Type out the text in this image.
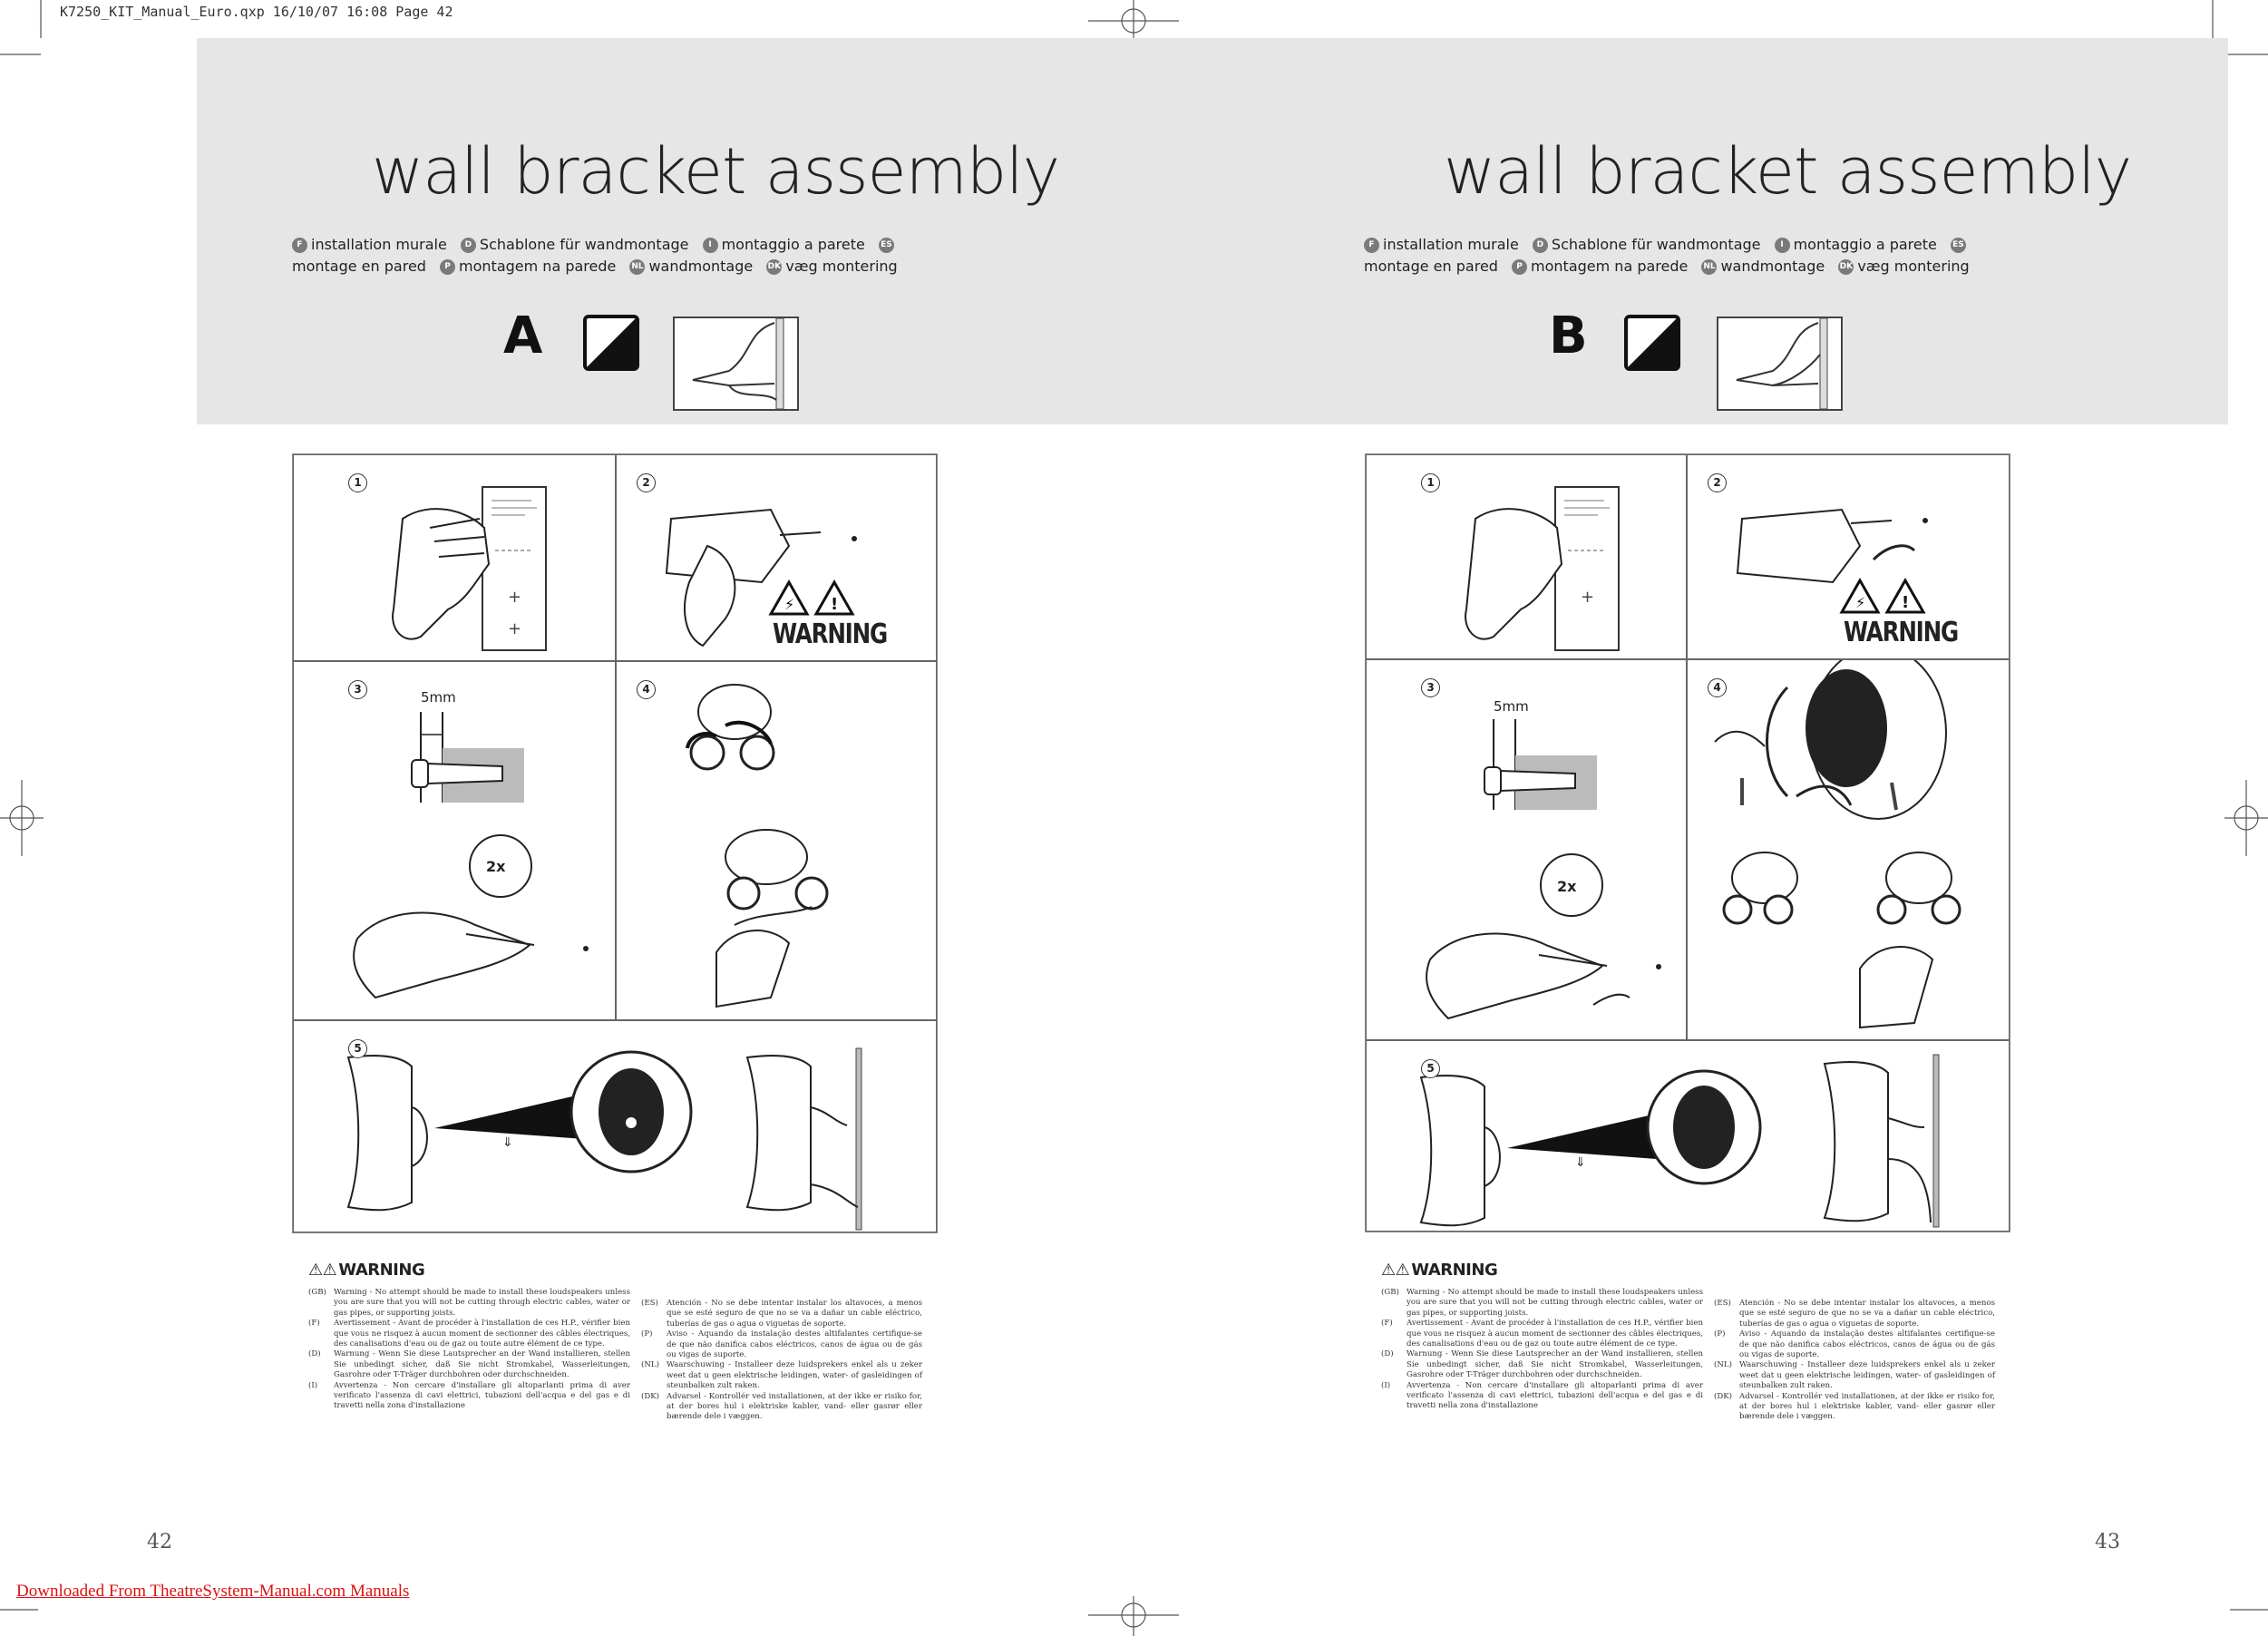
K7250_KIT_Manual_Euro.qxp 16/10/07 16:08 Page 42
wall bracket assembly
F installation murale D Schablone für wandmontage I montaggio a parete ESmontage en pared P montagem na parede NL wandmontage DK væg montering
A
wall bracket assembly
F installation murale D Schablone für wandmontage I montaggio a parete ESmontage en pared P montagem na parede NL wandmontage DK væg montering
B
1
+
+
2
⚡ !
WARNING
3	5mm
2x
4
5
⇓
1
+
2
⚡ !
WARNING
3
5mm
2x
4
5
⇓
⚠⚠ WARNING

(GB) Warning - No attempt should be made to install these loudspeakers unless you are sure that you will not be cutting through electric cables, water or gas pipes, or supporting joists.

(F) Avertissement - Avant de procéder à l'installation de ces H.P., vérifier bien que vous ne risquez à aucun moment de sectionner des câbles électriques, des canalisations d'eau ou de gaz ou toute autre élément de ce type.

(D) Warnung - Wenn Sie diese Lautsprecher an der Wand installieren, stellen Sie unbedingt sicher, daß Sie nicht Stromkabel, Wasserleitungen, Gasrohre oder T-Träger durchbohren oder durchschneiden.

(I) Avvertenza - Non cercare d'installare gli altoparlanti prima di aver verificato l'assenza di cavi elettrici, tubazioni dell'acqua e del gas e di travetti nella zona d'installazione

(ES) Atención - No se debe intentar instalar los altavoces, a menos que se esté seguro de que no se va a dañar un cable eléctrico, tuberías de gas o agua o viguetas de soporte.

(P) Aviso - Aquando da instalação destes altifalantes certifique-se de que não danifica cabos eléctricos, canos de água ou de gás ou vigas de suporte.

(NL) Waarschuwing - Installeer deze luidsprekers enkel als u zeker weet dat u geen elektrische leidingen, water- of gasleidingen of steunbalken zult raken.

(DK) Advarsel - Kontrollér ved installationen, at der ikke er risiko for, at der bores hul i elektriske kabler, vand- eller gasrør eller bærende dele i væggen.

⚠⚠ WARNING

(GB) Warning - No attempt should be made to install these loudspeakers unless you are sure that you will not be cutting through electric cables, water or gas pipes, or supporting joists.

(F) Avertissement - Avant de procéder à l'installation de ces H.P., vérifier bien que vous ne risquez à aucun moment de sectionner des câbles électriques, des canalisations d'eau ou de gaz ou toute autre élément de ce type.

(D) Warnung - Wenn Sie diese Lautsprecher an der Wand installieren, stellen Sie unbedingt sicher, daß Sie nicht Stromkabel, Wasserleitungen, Gasrohre oder T-Träger durchbohren oder durchschneiden.

(I) Avvertenza - Non cercare d'installare gli altoparlanti prima di aver verificato l'assenza di cavi elettrici, tubazioni dell'acqua e del gas e di travetti nella zona d'installazione

(ES) Atención - No se debe intentar instalar los altavoces, a menos que se esté seguro de que no se va a dañar un cable eléctrico, tuberías de gas o agua o viguetas de soporte.

(P) Aviso - Aquando da instalação destes altifalantes certifique-se de que não danifica cabos eléctricos, canos de água ou de gás ou vigas de suporte.

(NL) Waarschuwing - Installeer deze luidsprekers enkel als u zeker weet dat u geen elektrische leidingen, water- of gasleidingen of steunbalken zult raken.

(DK) Advarsel - Kontrollér ved installationen, at der ikke er risiko for, at der bores hul i elektriske kabler, vand- eller gasrør eller bærende dele i væggen.

42	43
Downloaded From TheatreSystem-Manual.com Manuals
